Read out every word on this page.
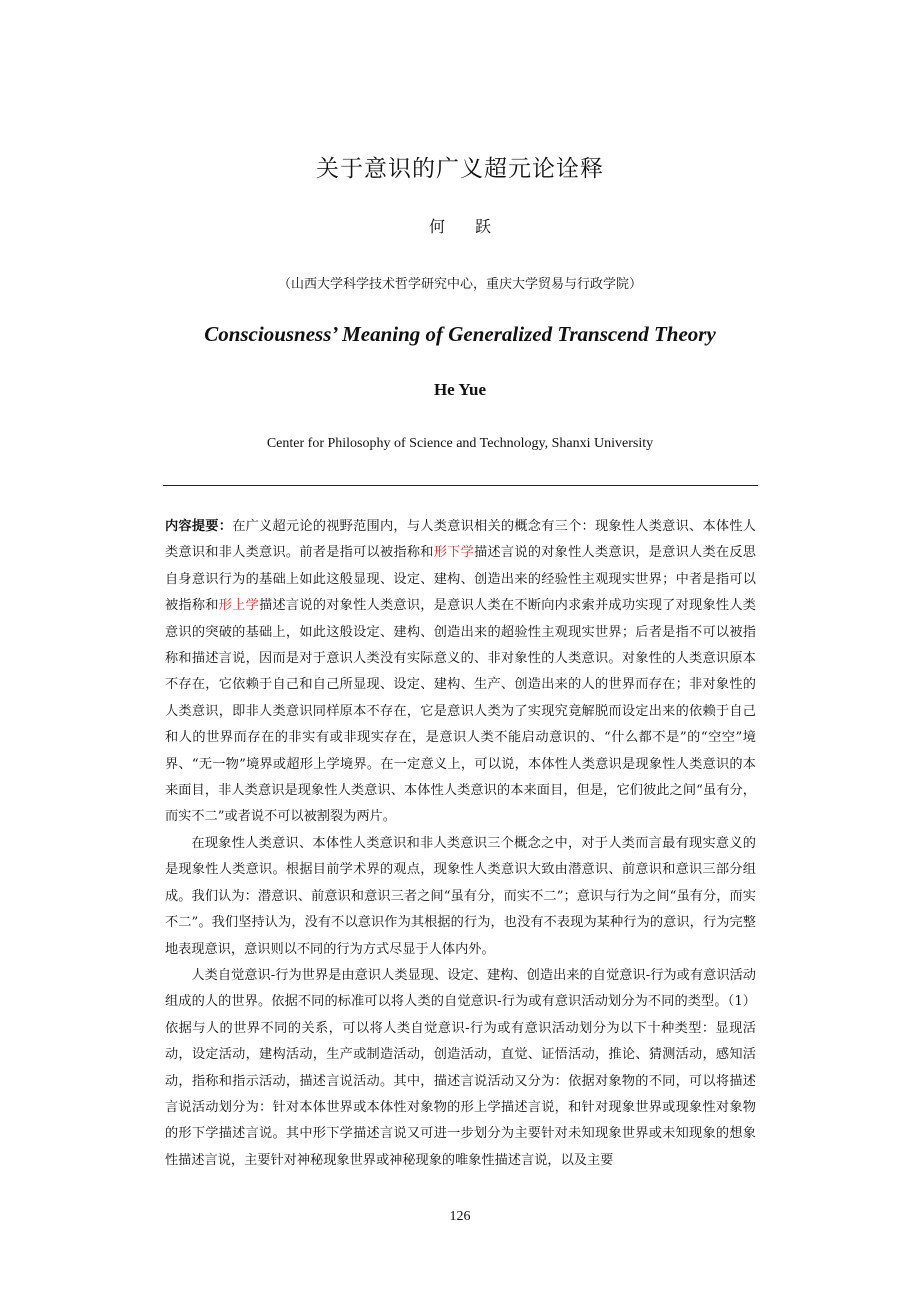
关于意识的广义超元论诠释
何 跃
（山西大学科学技术哲学研究中心，重庆大学贸易与行政学院）
Consciousness’ Meaning of Generalized Transcend Theory
He Yue
Center for Philosophy of Science and Technology, Shanxi University

内容提要：在广义超元论的视野范围内，与人类意识相关的概念有三个：现象性人类意识、本体性人类意识和非人类意识。前者是指可以被指称和形下学描述言说的对象性人类意识，是意识人类在反思自身意识行为的基础上如此这般显现、设定、建构、创造出来的经验性主观现实世界；中者是指可以被指称和形上学描述言说的对象性人类意识，是意识人类在不断向内求索并成功实现了对现象性人类意识的突破的基础上，如此这般设定、建构、创造出来的超验性主观现实世界；后者是指不可以被指称和描述言说，因而是对于意识人类没有实际意义的、非对象性的人类意识。对象性的人类意识原本不存在，它依赖于自己和自己所显现、设定、建构、生产、创造出来的人的世界而存在；非对象性的人类意识，即非人类意识同样原本不存在，它是意识人类为了实现究竟解脱而设定出来的依赖于自己和人的世界而存在的非实有或非现实存在，是意识人类不能启动意识的、“什么都不是”的“空空”境界、“无一物”境界或超形上学境界。在一定意义上，可以说，本体性人类意识是现象性人类意识的本来面目，非人类意识是现象性人类意识、本体性人类意识的本来面目，但是，它们彼此之间“虽有分，而实不二”或者说不可以被割裂为两片。

在现象性人类意识、本体性人类意识和非人类意识三个概念之中，对于人类而言最有现实意义的是现象性人类意识。根据目前学术界的观点，现象性人类意识大致由潜意识、前意识和意识三部分组成。我们认为：潜意识、前意识和意识三者之间“虽有分，而实不二”；意识与行为之间“虽有分，而实不二”。我们坚持认为，没有不以意识作为其根据的行为，也没有不表现为某种行为的意识，行为完整地表现意识，意识则以不同的行为方式尽显于人体内外。

人类自觉意识-行为世界是由意识人类显现、设定、建构、创造出来的自觉意识-行为或有意识活动组成的人的世界。依据不同的标准可以将人类的自觉意识-行为或有意识活动划分为不同的类型。（1）依据与人的世界不同的关系，可以将人类自觉意识-行为或有意识活动划分为以下十种类型：显现活动，设定活动，建构活动，生产或制造活动，创造活动，直觉、证悟活动，推论、猜测活动，感知活动，指称和指示活动，描述言说活动。其中，描述言说活动又分为：依据对象物的不同，可以将描述言说活动划分为：针对本体世界或本体性对象物的形上学描述言说，和针对现象世界或现象性对象物的形下学描述言说。其中形下学描述言说又可进一步划分为主要针对未知现象世界或未知现象的想象性描述言说，主要针对神秘现象世界或神秘现象的唯象性描述言说，以及主要

126
